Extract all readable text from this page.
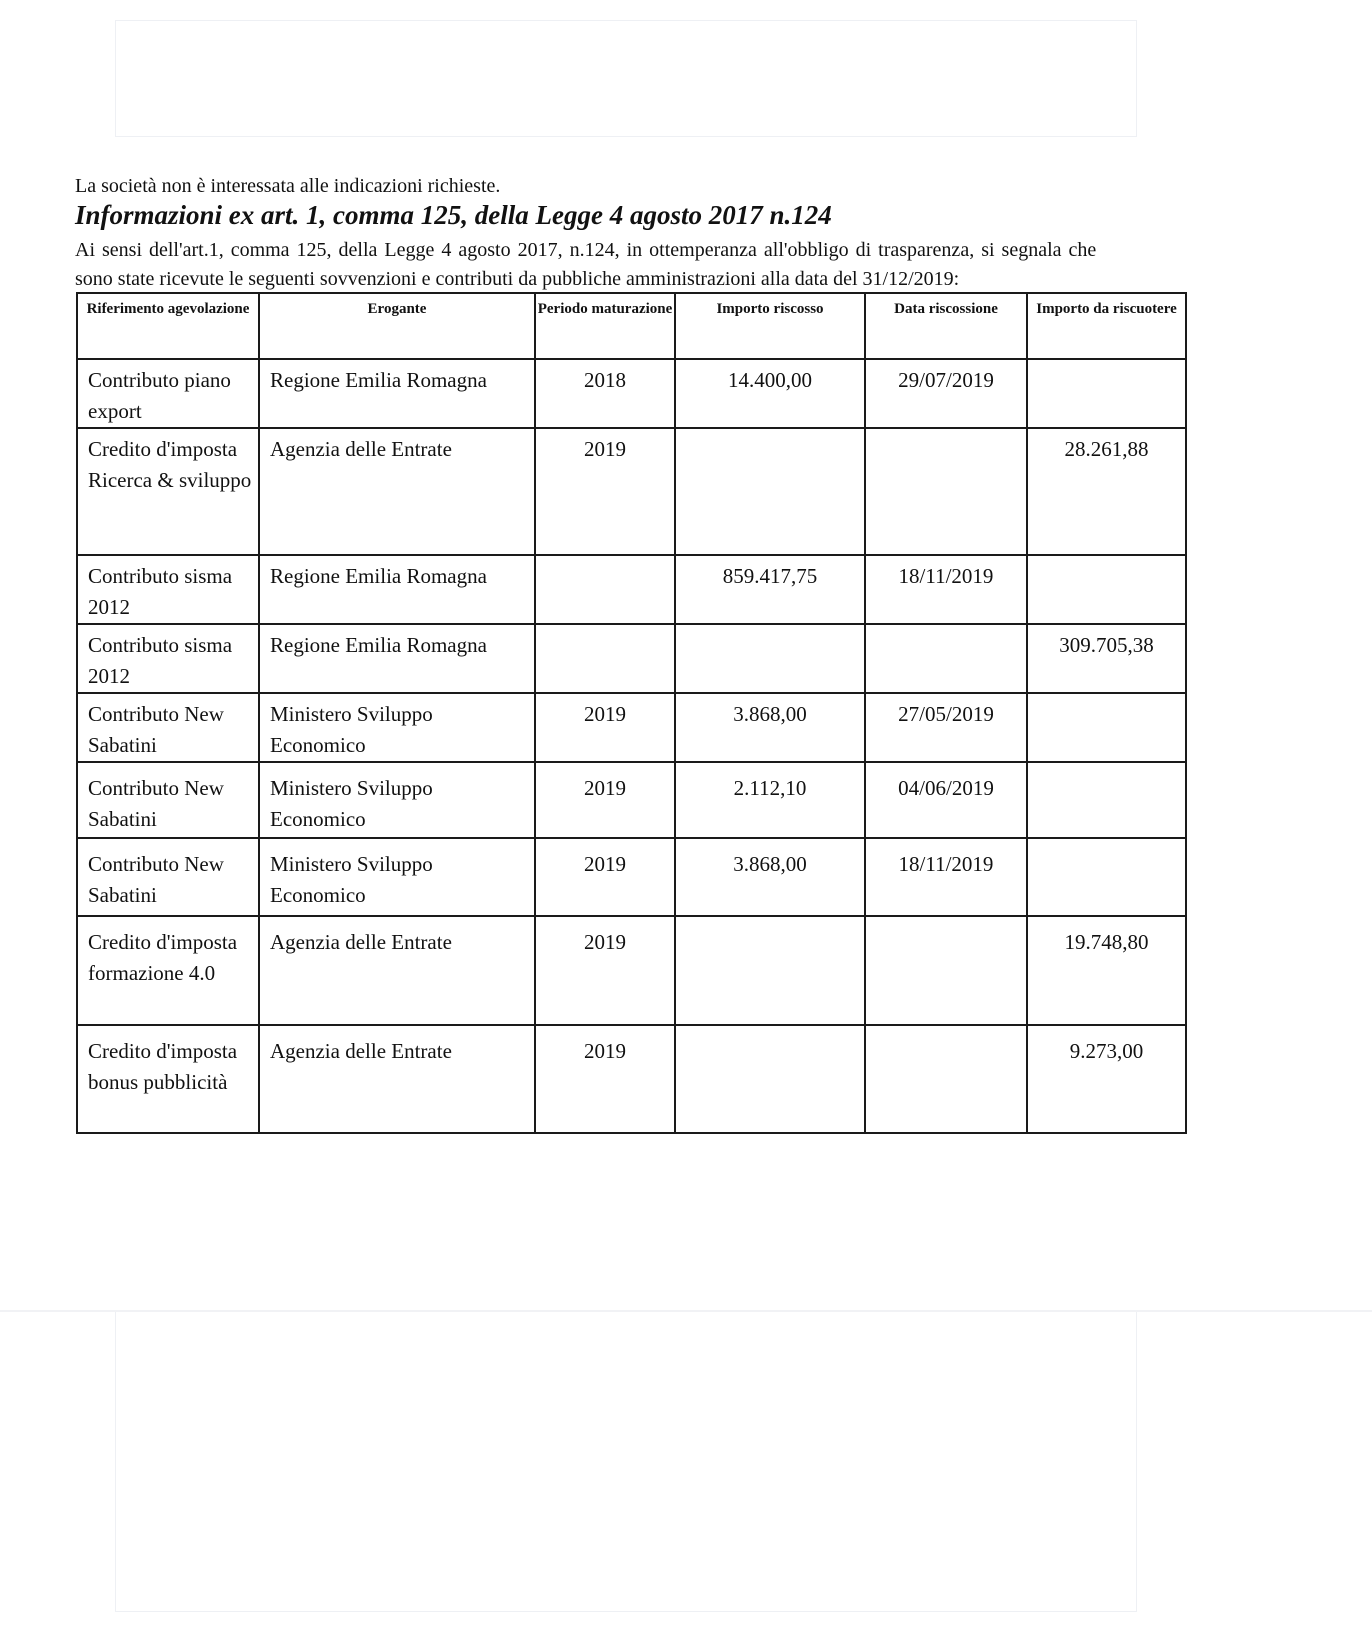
La società non è interessata alle indicazioni richieste.
Informazioni ex art. 1, comma 125, della Legge 4 agosto 2017 n.124
Ai sensi dell'art.1, comma 125, della Legge 4 agosto 2017, n.124, in ottemperanza all'obbligo di trasparenza, si segnala che
sono state ricevute le seguenti sovvenzioni e contributi da pubbliche amministrazioni alla data del 31/12/2019:
Riferimento agevolazione	Erogante	Periodo maturazione	Importo riscosso	Data riscossione	Importo da riscuotere
Contributo piano export	Regione Emilia Romagna	2018	14.400,00	29/07/2019	
Credito d'imposta Ricerca & sviluppo	Agenzia delle Entrate	2019			28.261,88
Contributo sisma 2012	Regione Emilia Romagna		859.417,75	18/11/2019	
Contributo sisma 2012	Regione Emilia Romagna				309.705,38
Contributo New Sabatini	Ministero Sviluppo Economico	2019	3.868,00	27/05/2019	
Contributo New Sabatini	Ministero Sviluppo Economico	2019	2.112,10	04/06/2019	
Contributo New Sabatini	Ministero Sviluppo Economico	2019	3.868,00	18/11/2019	
Credito d'imposta formazione 4.0	Agenzia delle Entrate	2019			19.748,80
Credito d'imposta bonus pubblicità	Agenzia delle Entrate	2019			9.273,00
